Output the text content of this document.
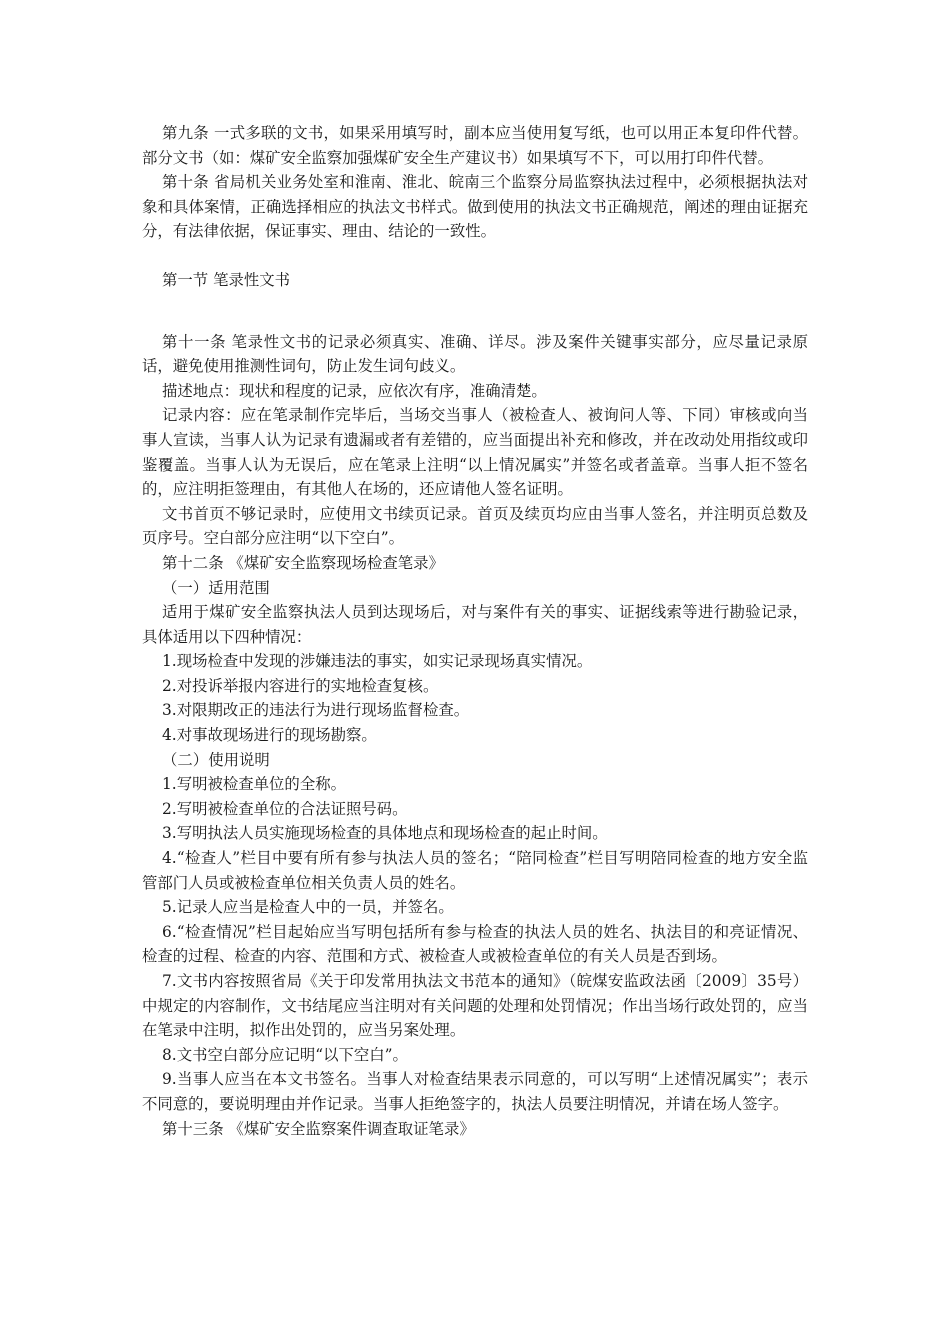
第九条 一式多联的文书，如果采用填写时，副本应当使用复写纸，也可以用正本复印件代替。部分文书（如：煤矿安全监察加强煤矿安全生产建议书）如果填写不下，可以用打印件代替。

第十条 省局机关业务处室和淮南、淮北、皖南三个监察分局监察执法过程中，必须根据执法对象和具体案情，正确选择相应的执法文书样式。做到使用的执法文书正确规范，阐述的理由证据充分，有法律依据，保证事实、理由、结论的一致性。

第一节 笔录性文书

第十一条 笔录性文书的记录必须真实、准确、详尽。涉及案件关键事实部分，应尽量记录原话，避免使用推测性词句，防止发生词句歧义。

描述地点：现状和程度的记录，应依次有序，准确清楚。

记录内容：应在笔录制作完毕后，当场交当事人（被检查人、被询问人等、下同）审核或向当事人宣读，当事人认为记录有遗漏或者有差错的，应当面提出补充和修改，并在改动处用指纹或印鉴覆盖。当事人认为无误后，应在笔录上注明“以上情况属实”并签名或者盖章。当事人拒不签名的，应注明拒签理由，有其他人在场的，还应请他人签名证明。

文书首页不够记录时，应使用文书续页记录。首页及续页均应由当事人签名，并注明页总数及页序号。空白部分应注明“以下空白”。

第十二条 《煤矿安全监察现场检查笔录》

（一）适用范围

适用于煤矿安全监察执法人员到达现场后，对与案件有关的事实、证据线索等进行勘验记录，具体适用以下四种情况：

1.现场检查中发现的涉嫌违法的事实，如实记录现场真实情况。

2.对投诉举报内容进行的实地检查复核。

3.对限期改正的违法行为进行现场监督检查。

4.对事故现场进行的现场勘察。

（二）使用说明

1.写明被检查单位的全称。

2.写明被检查单位的合法证照号码。

3.写明执法人员实施现场检查的具体地点和现场检查的起止时间。

4.“检查人”栏目中要有所有参与执法人员的签名；“陪同检查”栏目写明陪同检查的地方安全监管部门人员或被检查单位相关负责人员的姓名。

5.记录人应当是检查人中的一员，并签名。

6.“检查情况”栏目起始应当写明包括所有参与检查的执法人员的姓名、执法目的和亮证情况、检查的过程、检查的内容、范围和方式、被检查人或被检查单位的有关人员是否到场。

7.文书内容按照省局《关于印发常用执法文书范本的通知》（皖煤安监政法函〔2009〕35号）中规定的内容制作，文书结尾应当注明对有关问题的处理和处罚情况；作出当场行政处罚的，应当在笔录中注明，拟作出处罚的，应当另案处理。

8.文书空白部分应记明“以下空白”。

9.当事人应当在本文书签名。当事人对检查结果表示同意的，可以写明“上述情况属实”；表示不同意的，要说明理由并作记录。当事人拒绝签字的，执法人员要注明情况，并请在场人签字。

第十三条 《煤矿安全监察案件调查取证笔录》
